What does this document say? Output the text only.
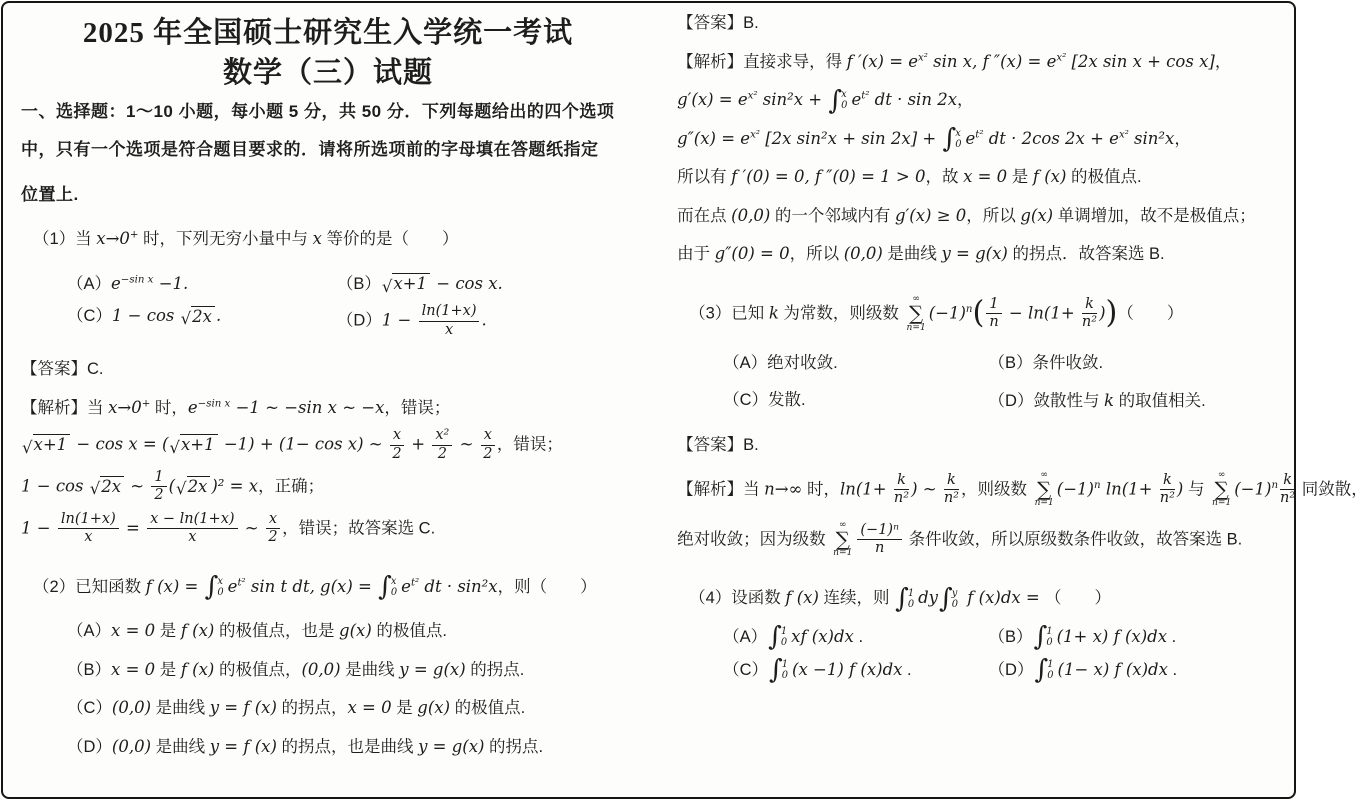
2025 年全国硕士研究生入学统一考试
数学（三）试题
一、选择题：1～10 小题，每小题 5 分，共 50 分．下列每题给出的四个选项
中，只有一个选项是符合题目要求的．请将所选项前的字母填在答题纸指定
位置上.
（1）当 x→0+ 时，下列无穷小量中与 x 等价的是（　　）
$(A)e^{-sin x} -1$.	（B） √ x+1 − cos x.
（C）1 − cos √ 2x .	$(D)1 - \frac{\ln(1+x)}{x}$ .
【答案】C.
【解析】当 x→0+ 时，$e^{-sin x} -1$ ~ −sin x ~ −x，错误；
√ x+1 − cos x = ( √ x+1 −1) + (1− cos x) ~ $\frac{x}{2} + \frac{\text{x²}}{2}$ ~ $\frac{x}{2}$ ，错误；
1 − cos √ 2x ~ $\frac{1}{2}$ ( √ 2x )² = x，正确；
$1 - \frac{\ln(1+x)}{x} = \frac{x - \ln(1+x)}{x}$ ~ $\frac{x}{2}$ ，错误；故答案选 C.
（2）已知函数 f (x) = ∫ x
0 $e^{t^2}$ sin t dt, g(x) = ∫ x
0 $e^{t^2}$ dt · sin²x，则（　　）
（A）x = 0 是 f (x) 的极值点，也是 g(x) 的极值点.
（B）x = 0 是 f (x) 的极值点，(0,0) 是曲线 y = g(x) 的拐点.
（C）(0,0) 是曲线 y = f (x) 的拐点，x = 0 是 g(x) 的极值点.
（D）(0,0) 是曲线 y = f (x) 的拐点，也是曲线 y = g(x) 的拐点.
【答案】B.
【解析】直接求导，得 f $'(x) = e^{x^2}$ sin x, f $''(x) = e^{x^2}$ [2x sin x + cos x]，
$g'(x) = e^{x^2}$ sin²x + ∫ x
0 $e^{t^2}$ dt · sin 2x，
$g''(x) = e^{x^2}$ [2x sin²x + sin 2x] + ∫ x
0 $e^{t^2}$ dt · 2cos $2x + e^{x^2}$ sin²x，
所以有 f ′(0) = 0, f ″(0) = 1 > 0，故 x = 0 是 f (x) 的极值点.
而在点 (0,0) 的一个邻域内有 g′(x) ≥ 0，所以 g(x) 单调增加，故不是极值点；
由于 g″(0) = 0，所以 (0,0) 是曲线 y = g(x) 的拐点．故答案选 B.
（3）已知 k 为常数，则级数
∞
∑
n=1
$(-1)^n( \frac{1}{n} - \ln(1+ \frac{k}{\text{n²}}$ ))（　　）
（A）绝对收敛.	（B）条件收敛.
（C）发散.	（D）敛散性与 k 的取值相关.
【答案】B.
【解析】当 n→∞ 时，$\ln(1+ \frac{k}{\text{n²}}$ ) ~ $\frac{k}{\text{n²}}$ ，则级数
∞
∑
n=1
$(-1)^n$ $\ln(1+ \frac{k}{\text{n²}}$ ) 与
∞
∑
n=1
$(-1)^n \frac{k}{\text{n²}}$ 同敛散，
绝对收敛；因为级数
∞
∑
$n=1 \frac{\text{(−1)ⁿ}}{n}$ 条件收敛，所以原级数条件收敛，故答案选 B.
（4）设函数 f (x) 连续，则 ∫ 1
0 dy ∫ y
0 f (x)dx = （　　）
（A） ∫ 1
0 xf (x)dx .	（B） ∫ 1
0 (1+ x) f (x)dx .
（C） ∫ 1
0 (x −1) f (x)dx .	（D） ∫ 1
0 (1− x) f (x)dx .
